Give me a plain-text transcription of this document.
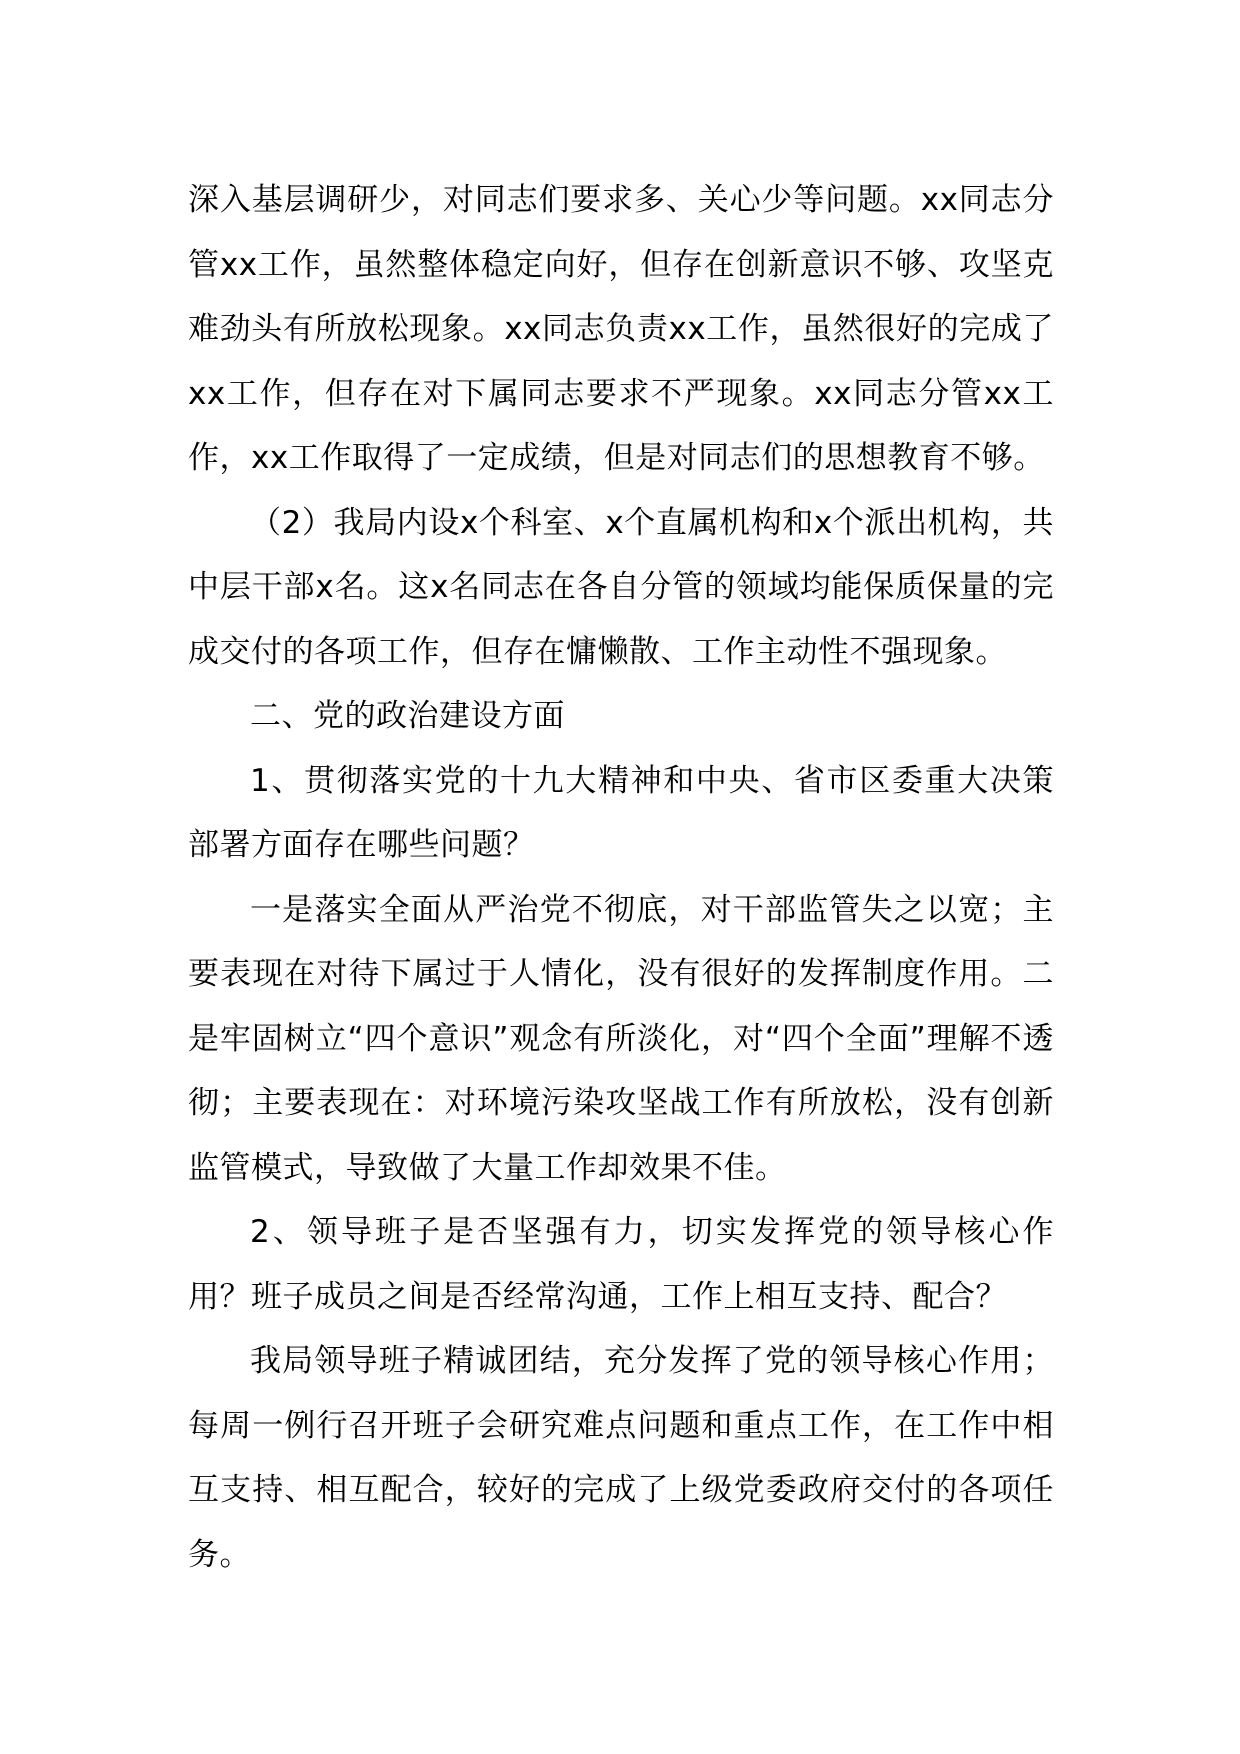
深入基层调研少，对同志们要求多、关心少等问题。xx同志分管xx工作，虽然整体稳定向好，但存在创新意识不够、攻坚克难劲头有所放松现象。xx同志负责xx工作，虽然很好的完成了xx工作，但存在对下属同志要求不严现象。xx同志分管xx工作，xx工作取得了一定成绩，但是对同志们的思想教育不够。

（2）我局内设x个科室、x个直属机构和x个派出机构，共中层干部x名。这x名同志在各自分管的领域均能保质保量的完成交付的各项工作，但存在慵懒散、工作主动性不强现象。

二、党的政治建设方面

1、贯彻落实党的十九大精神和中央、省市区委重大决策部署方面存在哪些问题？

一是落实全面从严治党不彻底，对干部监管失之以宽；主要表现在对待下属过于人情化，没有很好的发挥制度作用。二是牢固树立“四个意识”观念有所淡化，对“四个全面”理解不透彻；主要表现在：对环境污染攻坚战工作有所放松，没有创新监管模式，导致做了大量工作却效果不佳。

2、领导班子是否坚强有力，切实发挥党的领导核心作用？班子成员之间是否经常沟通，工作上相互支持、配合？

我局领导班子精诚团结，充分发挥了党的领导核心作用；每周一例行召开班子会研究难点问题和重点工作，在工作中相互支持、相互配合，较好的完成了上级党委政府交付的各项任务。
